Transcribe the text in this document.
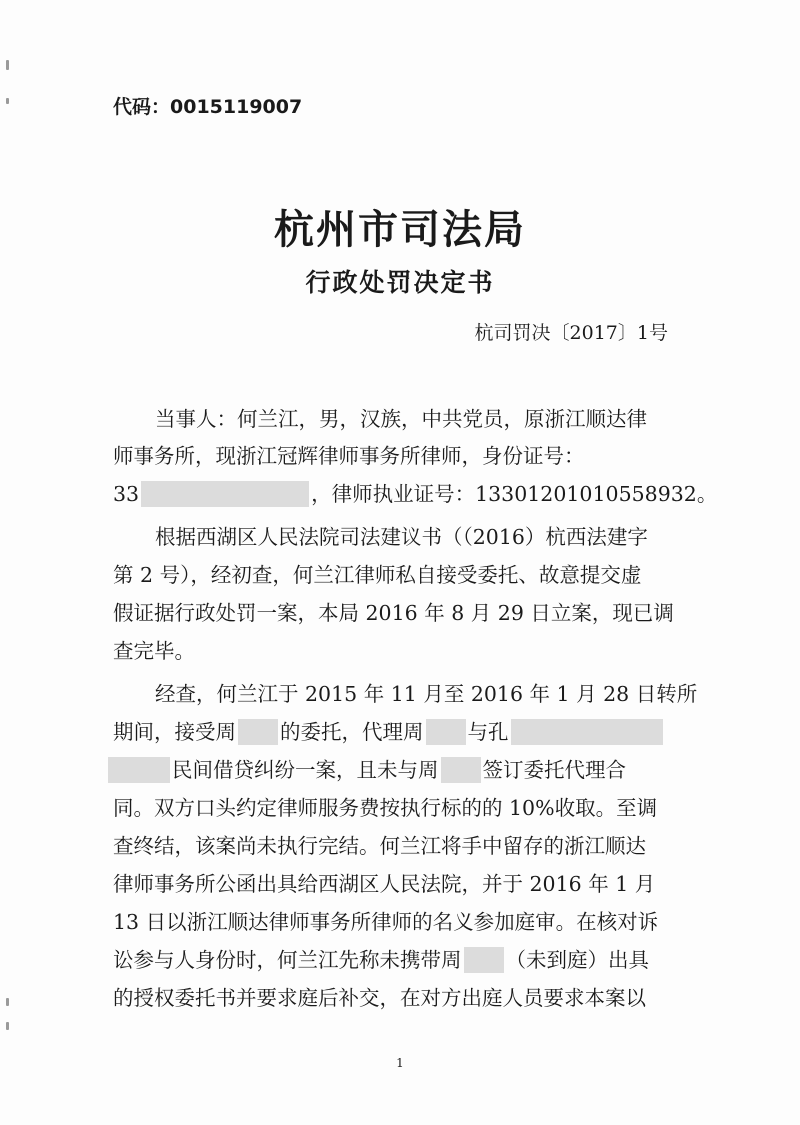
代码：0015119007
杭州市司法局
行政处罚决定书
杭司罚决〔2017〕1号
当事人：何兰江，男，汉族，中共党员，原浙江顺达律
师事务所，现浙江冠辉律师事务所律师，身份证号：
33	，律师执业证号：13301201010558932。
根据西湖区人民法院司法建议书（（2016）杭西法建字
第 2 号），经初查，何兰江律师私自接受委托、故意提交虚
假证据行政处罚一案，本局 2016 年 8 月 29 日立案，现已调
查完毕。
经查，何兰江于 2015 年 11 月至 2016 年 1 月 28 日转所
期间，接受周 的委托，代理周 与孔
民间借贷纠纷一案，且未与周 签订委托代理合
同。双方口头约定律师服务费按执行标的的 10%收取。至调
查终结，该案尚未执行完结。何兰江将手中留存的浙江顺达
律师事务所公函出具给西湖区人民法院，并于 2016 年 1 月
13 日以浙江顺达律师事务所律师的名义参加庭审。在核对诉
讼参与人身份时，何兰江先称未携带周 （未到庭）出具
的授权委托书并要求庭后补交，在对方出庭人员要求本案以
1
